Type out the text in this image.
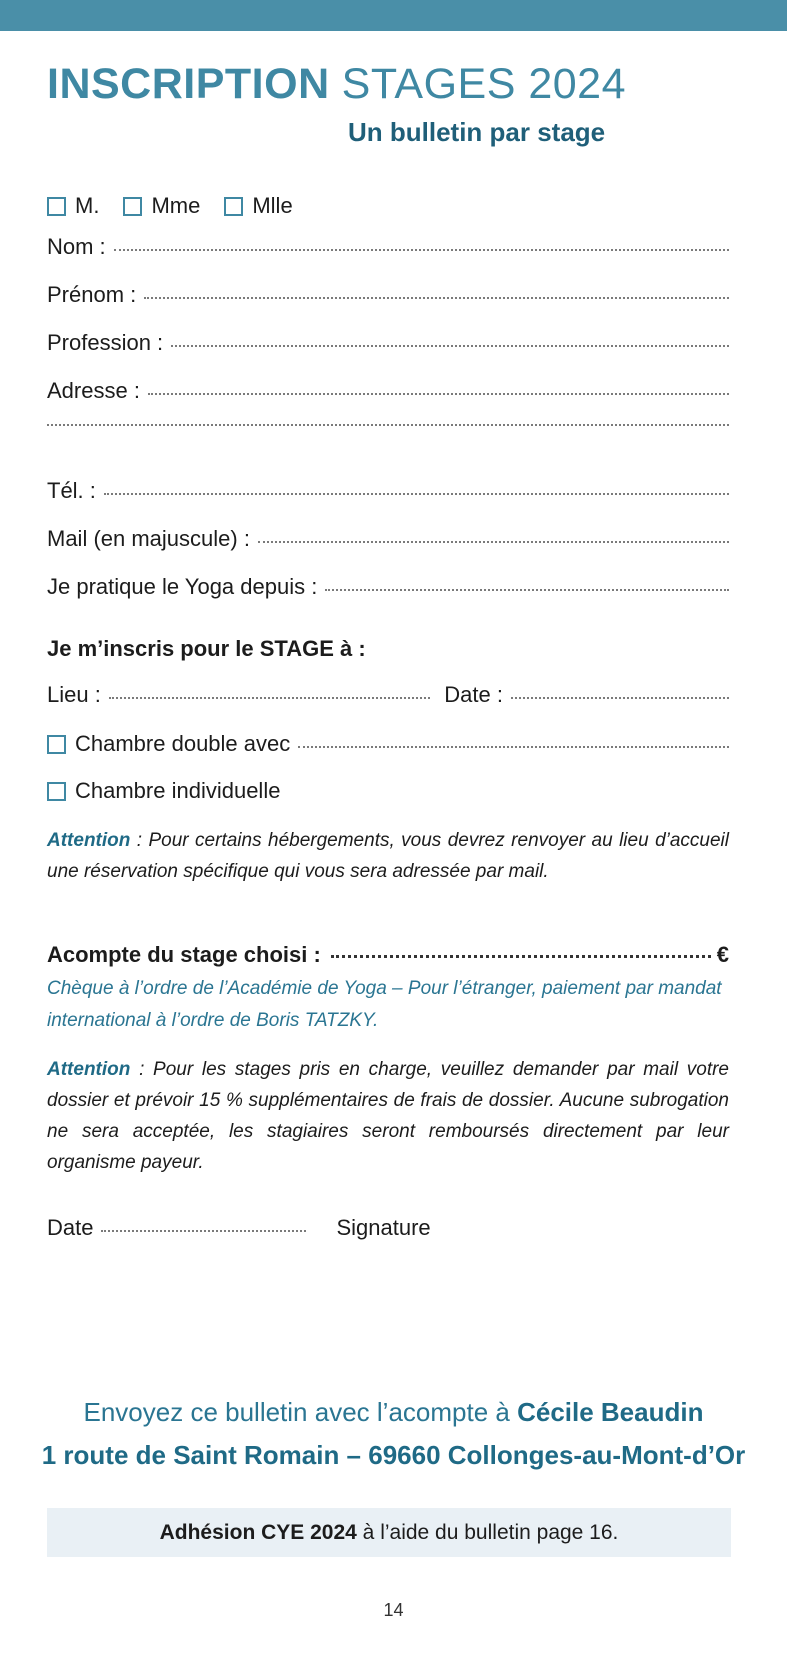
INSCRIPTION STAGES 2024
Un bulletin par stage
M. Mme Mlle
Nom :
Prénom :
Profession :
Adresse :
Tél. :
Mail (en majuscule) :
Je pratique le Yoga depuis :
Je m’inscris pour le STAGE à :
Lieu :	Date :
Chambre double avec
Chambre individuelle
Attention : Pour certains hébergements, vous devrez renvoyer au lieu d’accueil une réservation spécifique qui vous sera adressée par mail.
Acompte du stage choisi :	€
Chèque à l’ordre de l’Académie de Yoga – Pour l’étranger, paiement par mandat international à l’ordre de Boris TATZKY.
Attention : Pour les stages pris en charge, veuillez demander par mail votre dossier et prévoir 15 % supplémentaires de frais de dossier. Aucune subrogation ne sera acceptée, les stagiaires seront remboursés directement par leur organisme payeur.
Date	Signature
Envoyez ce bulletin avec l’acompte à Cécile Beaudin
1 route de Saint Romain – 69660 Collonges-au-Mont-d’Or
Adhésion CYE 2024 à l’aide du bulletin page 16.
14
